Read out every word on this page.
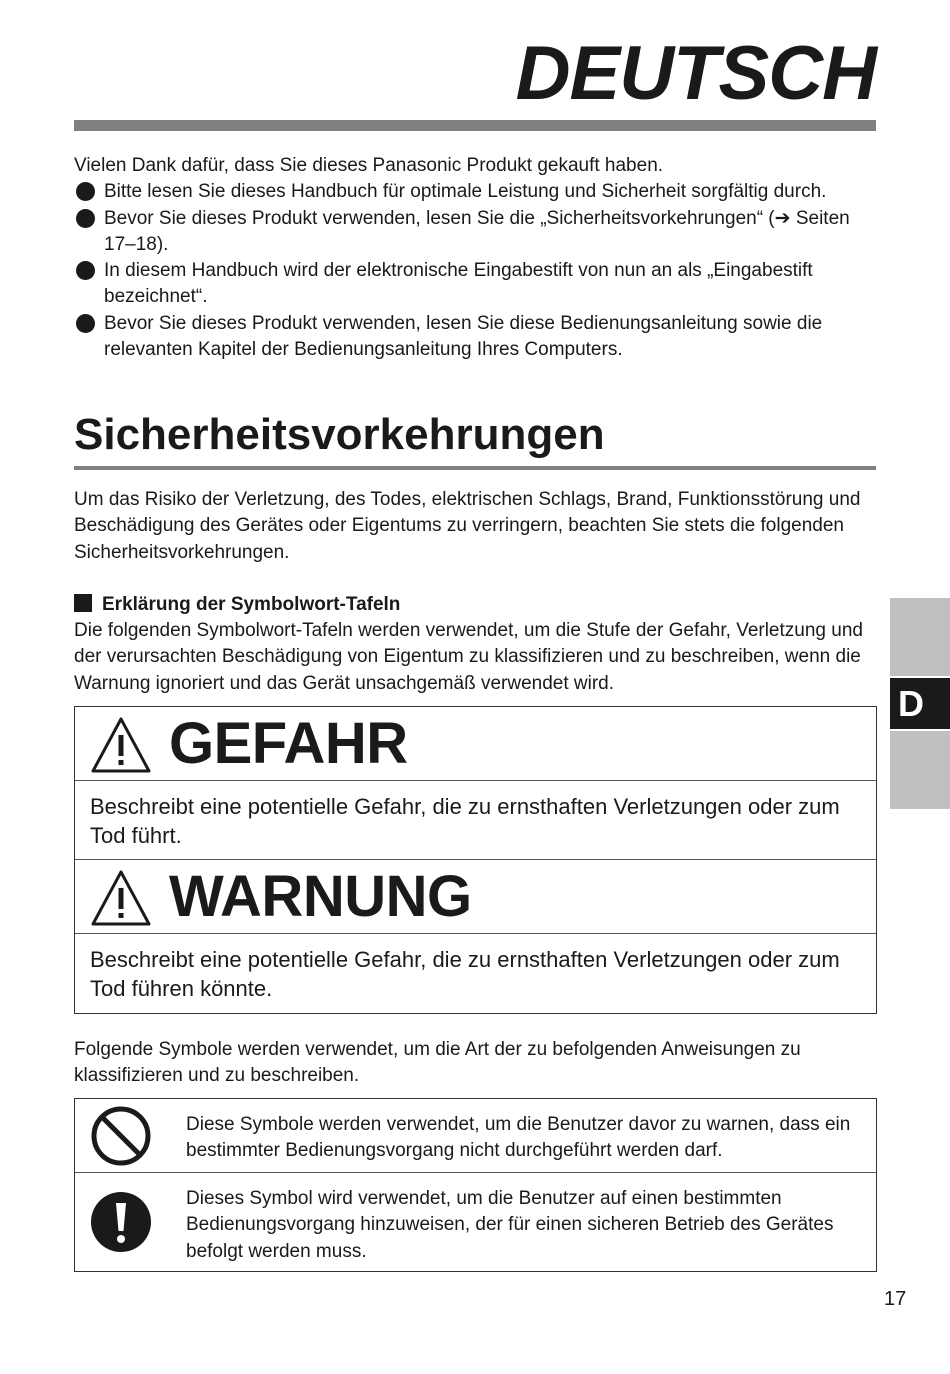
DEUTSCH

Vielen Dank dafür, dass Sie dieses Panasonic Produkt gekauft haben.

Bitte lesen Sie dieses Handbuch für optimale Leistung und Sicherheit sorgfältig durch.
Bevor Sie dieses Produkt verwenden, lesen Sie die „Sicherheitsvorkehrungen“ (➔ Seiten 17–18).
In diesem Handbuch wird der elektronische Eingabestift von nun an als „Eingabestift bezeichnet“.
Bevor Sie dieses Produkt verwenden, lesen Sie diese Bedienungsanleitung sowie die relevanten Kapitel der Bedienungsanleitung Ihres Computers.
Sicherheitsvorkehrungen

Um das Risiko der Verletzung, des Todes, elektrischen Schlags, Brand, Funktionsstörung und Beschädigung des Gerätes oder Eigentums zu verringern, beachten Sie stets die folgenden Sicherheitsvorkehrungen.

Erklärung der Symbolwort-Tafeln

Die folgenden Symbolwort-Tafeln werden verwendet, um die Stufe der Gefahr, Verletzung und der verursachten Beschädigung von Eigentum zu klassifizieren und zu beschreiben, wenn die Warnung ignoriert und das Gerät unsachgemäß verwendet wird.

GEFAHR
Beschreibt eine potentielle Gefahr, die zu ernsthaften Verletzungen oder zum Tod führt.
WARNUNG
Beschreibt eine potentielle Gefahr, die zu ernsthaften Verletzungen oder zum Tod führen könnte.

Folgende Symbole werden verwendet, um die Art der zu befolgenden Anweisungen zu klassifizieren und zu beschreiben.

Diese Symbole werden verwendet, um die Benutzer davor zu warnen, dass ein bestimmter Bedienungsvorgang nicht durchgeführt werden darf.
Dieses Symbol wird verwendet, um die Benutzer auf einen bestimmten Bedienungsvorgang hinzuweisen, der für einen sicheren Betrieb des Gerätes befolgt werden muss.
D
17
